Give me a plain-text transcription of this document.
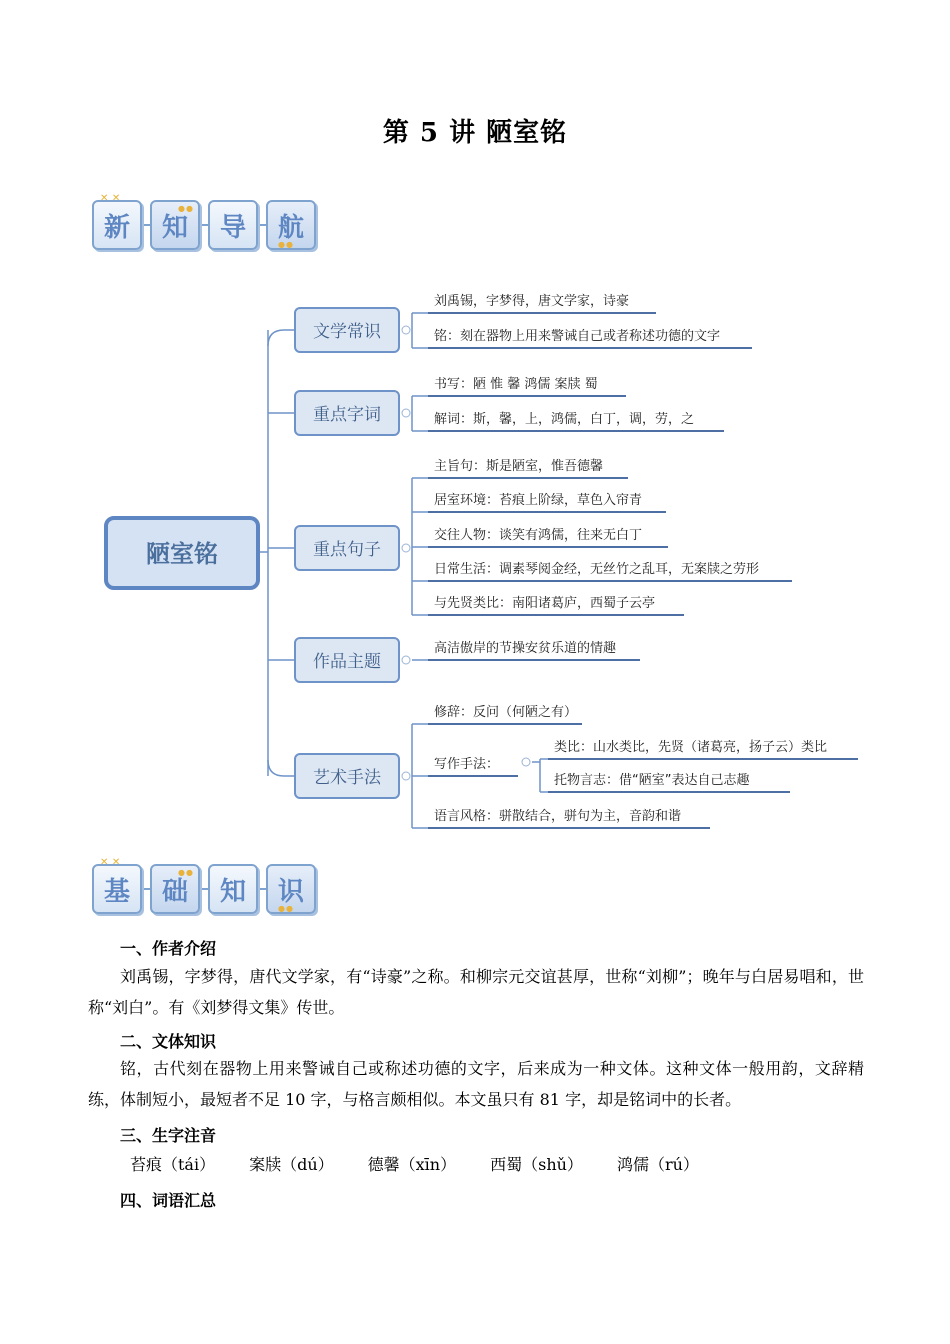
第 5 讲 陋室铭
✕ ✕
新 知
●●
导 航
●●
陋室铭
文学常识
重点字词
重点句子
作品主题
艺术手法
刘禹锡，字梦得，唐文学家，诗豪
铭：刻在器物上用来警诫自己或者称述功德的文字
书写：陋 惟 馨 鸿儒 案牍 蜀
解词：斯，馨，上，鸿儒，白丁，调，劳，之
主旨句：斯是陋室，惟吾德馨
居室环境：苔痕上阶绿，草色入帘青
交往人物：谈笑有鸿儒，往来无白丁
日常生活：调素琴阅金经，无丝竹之乱耳，无案牍之劳形
与先贤类比：南阳诸葛庐，西蜀子云亭
高洁傲岸的节操安贫乐道的情趣
修辞：反问（何陋之有）
写作手法：
语言风格：骈散结合，骈句为主，音韵和谐
类比：山水类比，先贤（诸葛亮，扬子云）类比
托物言志：借“陋室”表达自己志趣
✕ ✕
基 础
●●
知 识
●●
一、作者介绍
刘禹锡，字梦得，唐代文学家，有“诗豪”之称。和柳宗元交谊甚厚，世称“刘柳”；晚年与白居易唱和，世称“刘白”。有《刘梦得文集》传世。
二、文体知识
铭，古代刻在器物上用来警诫自己或称述功德的文字，后来成为一种文体。这种文体一般用韵，文辞精练，体制短小，最短者不足 10 字，与格言颇相似。本文虽只有 81 字，却是铭词中的长者。
三、生字注音
苔痕（tái） 案牍（dú） 德馨（xīn） 西蜀（shǔ） 鸿儒（rú）
四、词语汇总
